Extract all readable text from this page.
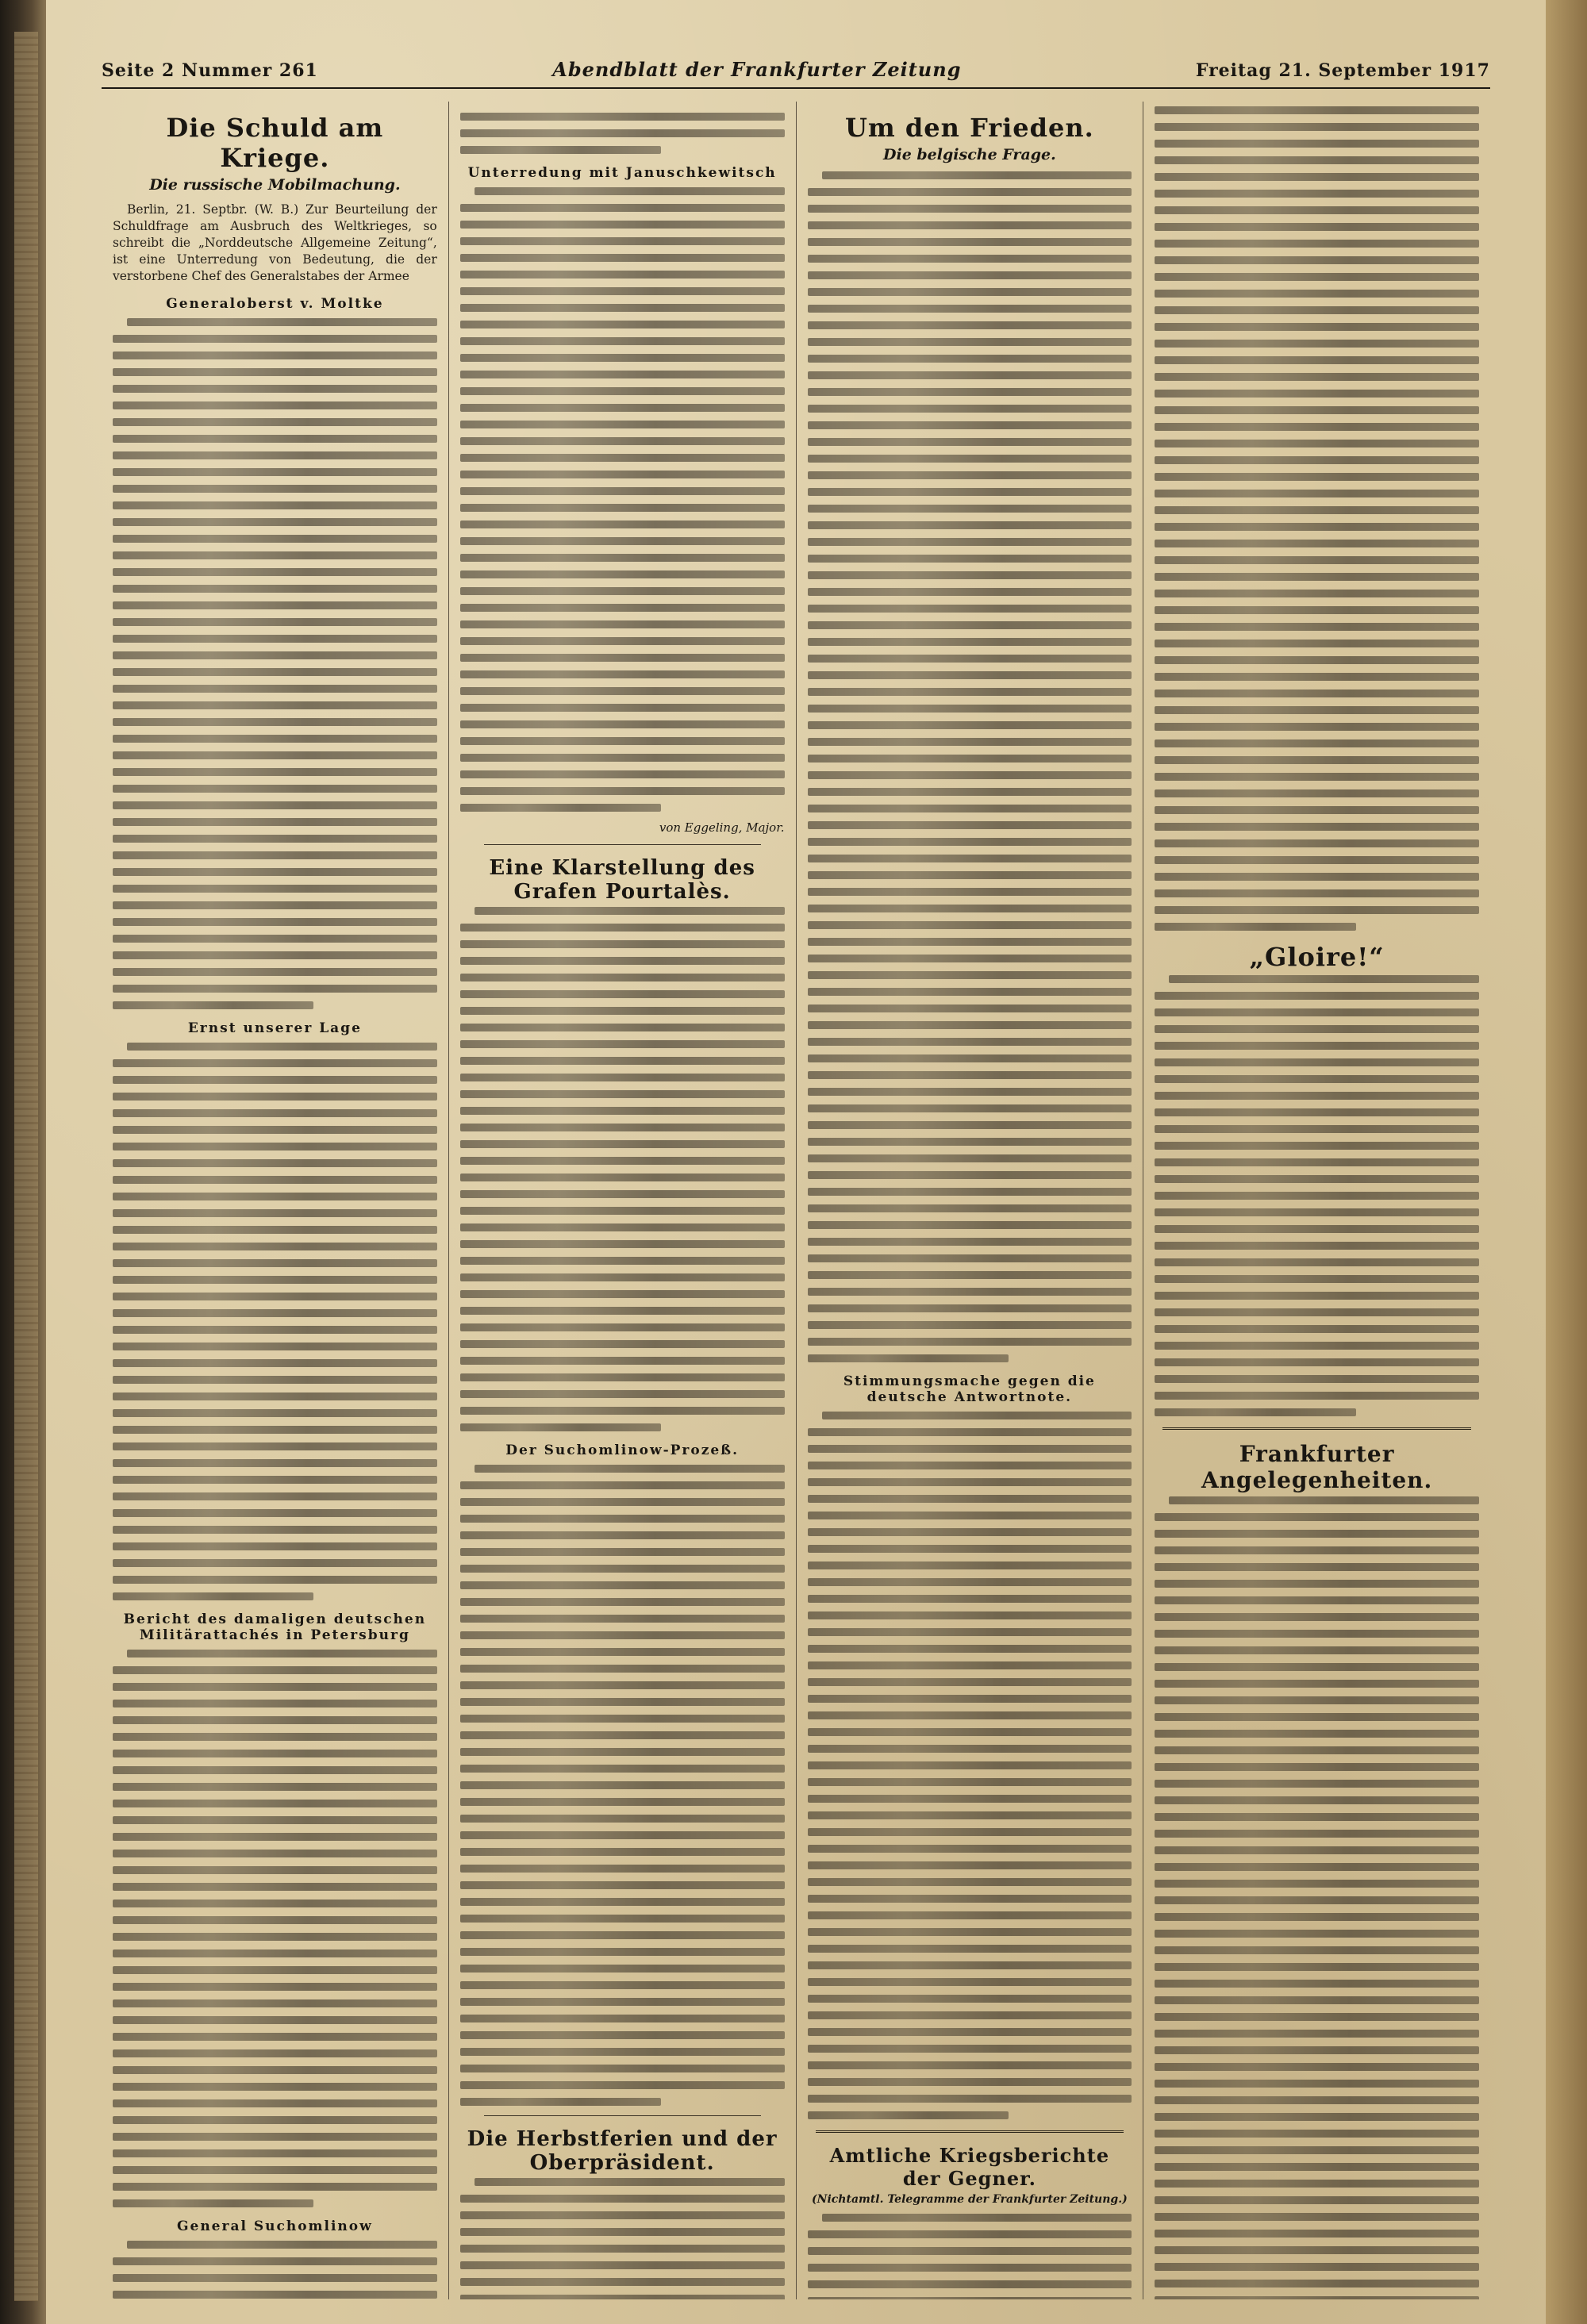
Seite 2 Nummer 261	Abendblatt der Frankfurter Zeitung	Freitag 21. September 1917
Die Schuld am Kriege.
Die russische Mobilmachung.

Berlin, 21. Septbr. (W. B.) Zur Beurteilung der Schuldfrage am Ausbruch des Weltkrieges, so schreibt die „Norddeutsche Allgemeine Zeitung“, ist eine Unterredung von Bedeutung, die der verstorbene Chef des Generalstabes der Armee

Generaloberst v. Moltke
Ernst unserer Lage
Bericht des damaligen deutschen Militärattachés in Petersburg
General Suchomlinow
Unterredung mit Januschkewitsch
von Eggeling, Major.
Eine Klarstellung des Grafen Pourtalès.
Der Suchomlinow-Prozeß.
Die Herbstferien und der Oberpräsident.
Um den Frieden.
Die belgische Frage.
Stimmungsmache gegen die deutsche Antwortnote.
Amtliche Kriegsberichte der Gegner.
(Nichtamtl. Telegramme der Frankfurter Zeitung.)
„Gloire!“
Frankfurter Angelegenheiten.
